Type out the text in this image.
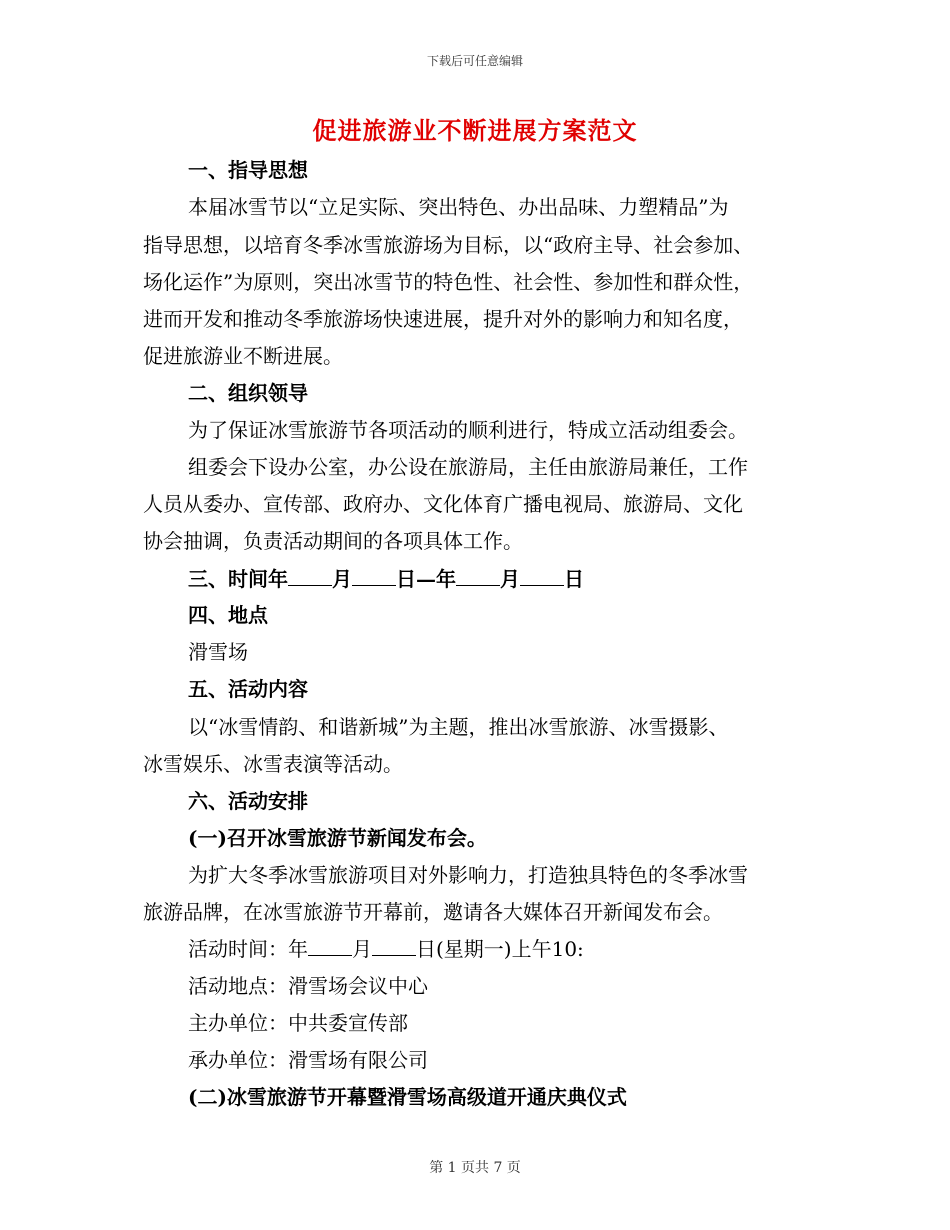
下载后可任意编辑
促进旅游业不断进展方案范文
一、指导思想
本届冰雪节以“立足实际、突出特色、办出品味、力塑精品”为
指导思想，以培育冬季冰雪旅游场为目标，以“政府主导、社会参加、
场化运作”为原则，突出冰雪节的特色性、社会性、参加性和群众性，
进而开发和推动冬季旅游场快速进展，提升对外的影响力和知名度，
促进旅游业不断进展。
二、组织领导
为了保证冰雪旅游节各项活动的顺利进行，特成立活动组委会。
组委会下设办公室，办公设在旅游局，主任由旅游局兼任，工作
人员从委办、宣传部、政府办、文化体育广播电视局、旅游局、文化
协会抽调，负责活动期间的各项具体工作。
三、时间年 月 日—年 月 日
四、地点
滑雪场
五、活动内容
以“冰雪情韵、和谐新城”为主题，推出冰雪旅游、冰雪摄影、
冰雪娱乐、冰雪表演等活动。
六、活动安排
(一)召开冰雪旅游节新闻发布会。
为扩大冬季冰雪旅游项目对外影响力，打造独具特色的冬季冰雪
旅游品牌，在冰雪旅游节开幕前，邀请各大媒体召开新闻发布会。
活动时间：年 月 日(星期一)上午10:
活动地点：滑雪场会议中心
主办单位：中共委宣传部
承办单位：滑雪场有限公司
(二)冰雪旅游节开幕暨滑雪场高级道开通庆典仪式
第 1 页共 7 页
